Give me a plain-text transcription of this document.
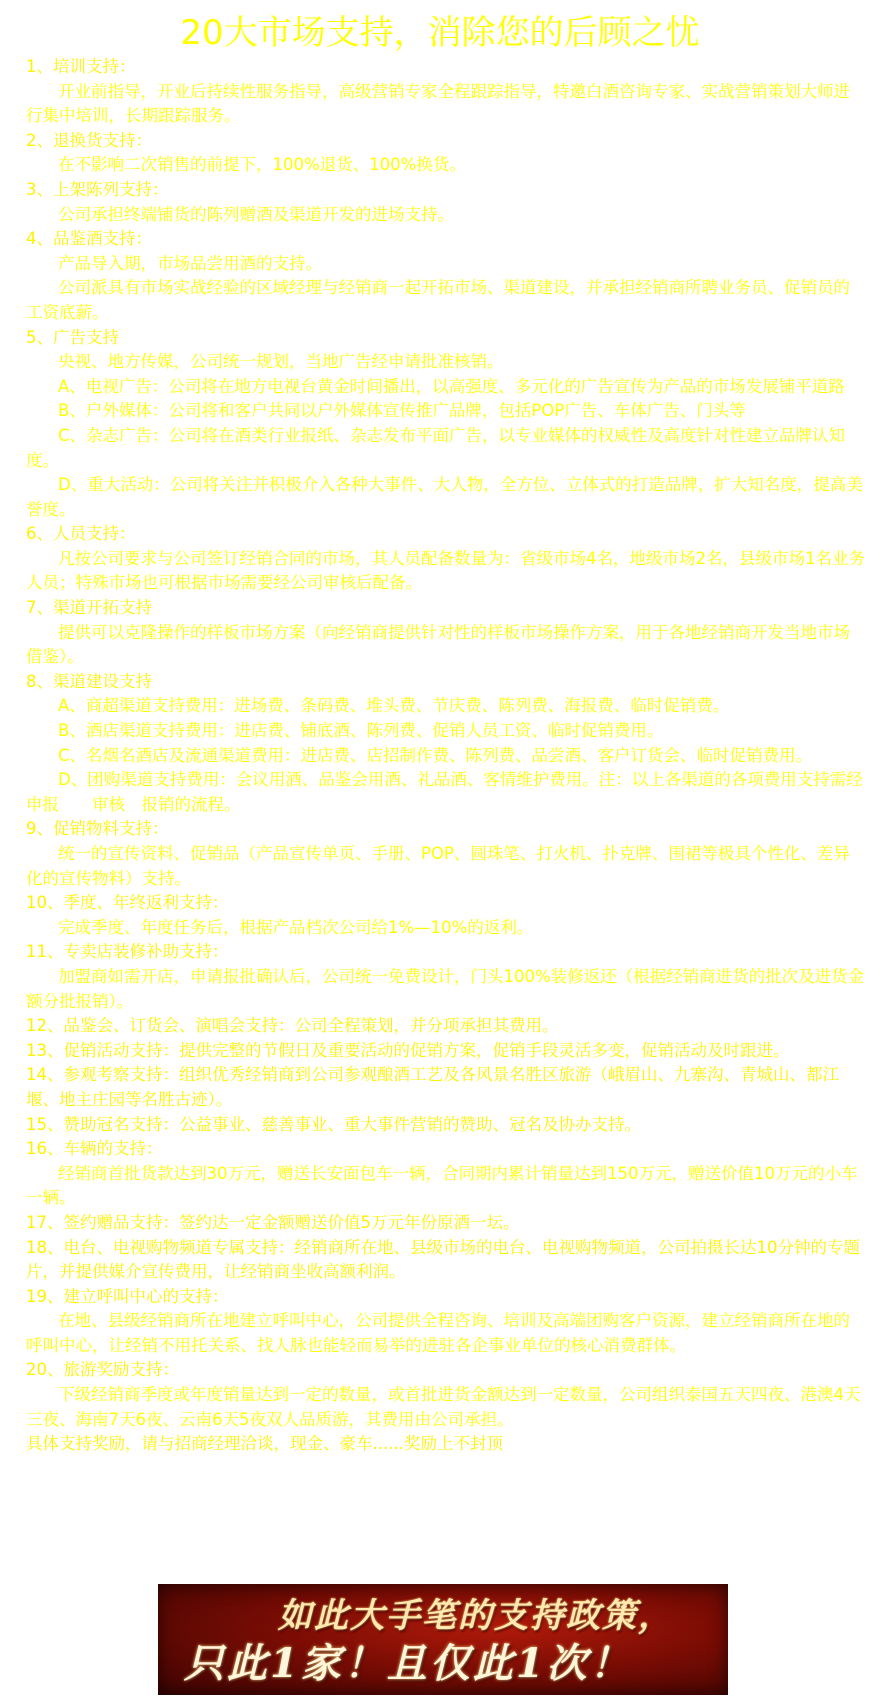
20大市场支持，消除您的后顾之忧

1、培训支持：

开业前指导，开业后持续性服务指导，高级营销专家全程跟踪指导，特邀白酒咨询专家、实战营销策划大师进行集中培训，长期跟踪服务。

2、退换货支持：

在不影响二次销售的前提下，100%退货、100%换货。

3、上架陈列支持：

公司承担终端铺货的陈列赠酒及渠道开发的进场支持。

4、品鉴酒支持：

产品导入期，市场品尝用酒的支持。

公司派具有市场实战经验的区域经理与经销商一起开拓市场、渠道建设，并承担经销商所聘业务员、促销员的工资底薪。

5、广告支持

央视、地方传媒，公司统一规划，当地广告经申请批准核销。

A、电视广告：公司将在地方电视台黄金时间播出，以高强度、多元化的广告宣传为产品的市场发展铺平道路

B、户外媒体：公司将和客户共同以户外媒体宣传推广品牌，包括POP广告、车体广告、门头等

C、杂志广告：公司将在酒类行业报纸、杂志发布平面广告，以专业媒体的权威性及高度针对性建立品牌认知度。

D、重大活动：公司将关注并积极介入各种大事件、大人物，全方位、立体式的打造品牌，扩大知名度，提高美誉度。

6、人员支持：

凡按公司要求与公司签订经销合同的市场，其人员配备数量为：省级市场4名，地级市场2名，县级市场1名业务人员；特殊市场也可根据市场需要经公司审核后配备。

7、渠道开拓支持

提供可以克隆操作的样板市场方案（向经销商提供针对性的样板市场操作方案，用于各地经销商开发当地市场借鉴）。

8、渠道建设支持

A、商超渠道支持费用：进场费、条码费、堆头费、节庆费、陈列费、海报费、临时促销费。

B、酒店渠道支持费用：进店费、铺底酒、陈列费、促销人员工资、临时促销费用。

C、名烟名酒店及流通渠道费用：进店费、店招制作费、陈列费、品尝酒、客户订货会、临时促销费用。

D、团购渠道支持费用：会议用酒、品鉴会用酒、礼品酒、客情维护费用。注：以上各渠道的各项费用支持需经申报　　审核　报销的流程。

9、促销物料支持：

统一的宣传资料、促销品（产品宣传单页、手册、POP、圆珠笔、打火机、扑克牌、围裙等极具个性化、差异化的宣传物料）支持。

10、季度、年终返利支持：

完成季度、年度任务后，根据产品档次公司给1%—10%的返利。

11、专卖店装修补助支持：

加盟商如需开店，申请报批确认后，公司统一免费设计，门头100%装修返还（根据经销商进货的批次及进货金额分批报销）。

12、品鉴会、订货会、演唱会支持：公司全程策划，并分项承担其费用。

13、促销活动支持：提供完整的节假日及重要活动的促销方案，促销手段灵活多变，促销活动及时跟进。

14、参观考察支持：组织优秀经销商到公司参观酿酒工艺及各风景名胜区旅游（峨眉山、九寨沟、青城山、都江堰、地主庄园等名胜古迹）。

15、赞助冠名支持：公益事业、慈善事业、重大事件营销的赞助、冠名及协办支持。

16、车辆的支持：

经销商首批货款达到30万元，赠送长安面包车一辆，合同期内累计销量达到150万元，赠送价值10万元的小车一辆。

17、签约赠品支持：签约达一定金额赠送价值5万元年份原酒一坛。

18、电台、电视购物频道专属支持：经销商所在地、县级市场的电台、电视购物频道，公司拍摄长达10分钟的专题片，并提供媒介宣传费用，让经销商坐收高额利润。

19、建立呼叫中心的支持：

在地、县级经销商所在地建立呼叫中心，公司提供全程咨询、培训及高端团购客户资源，建立经销商所在地的呼叫中心，让经销不用托关系、找人脉也能轻而易举的进驻各企事业单位的核心消费群体。

20、旅游奖励支持：

下级经销商季度或年度销量达到一定的数量，或首批进货金额达到一定数量，公司组织泰国五天四夜、港澳4天三夜、海南7天6夜、云南6天5夜双人品质游，其费用由公司承担。

具体支持奖励，请与招商经理洽谈，现金、豪车......奖励上不封顶

如此大手笔的支持政策，
只此1家！且仅此1次！
